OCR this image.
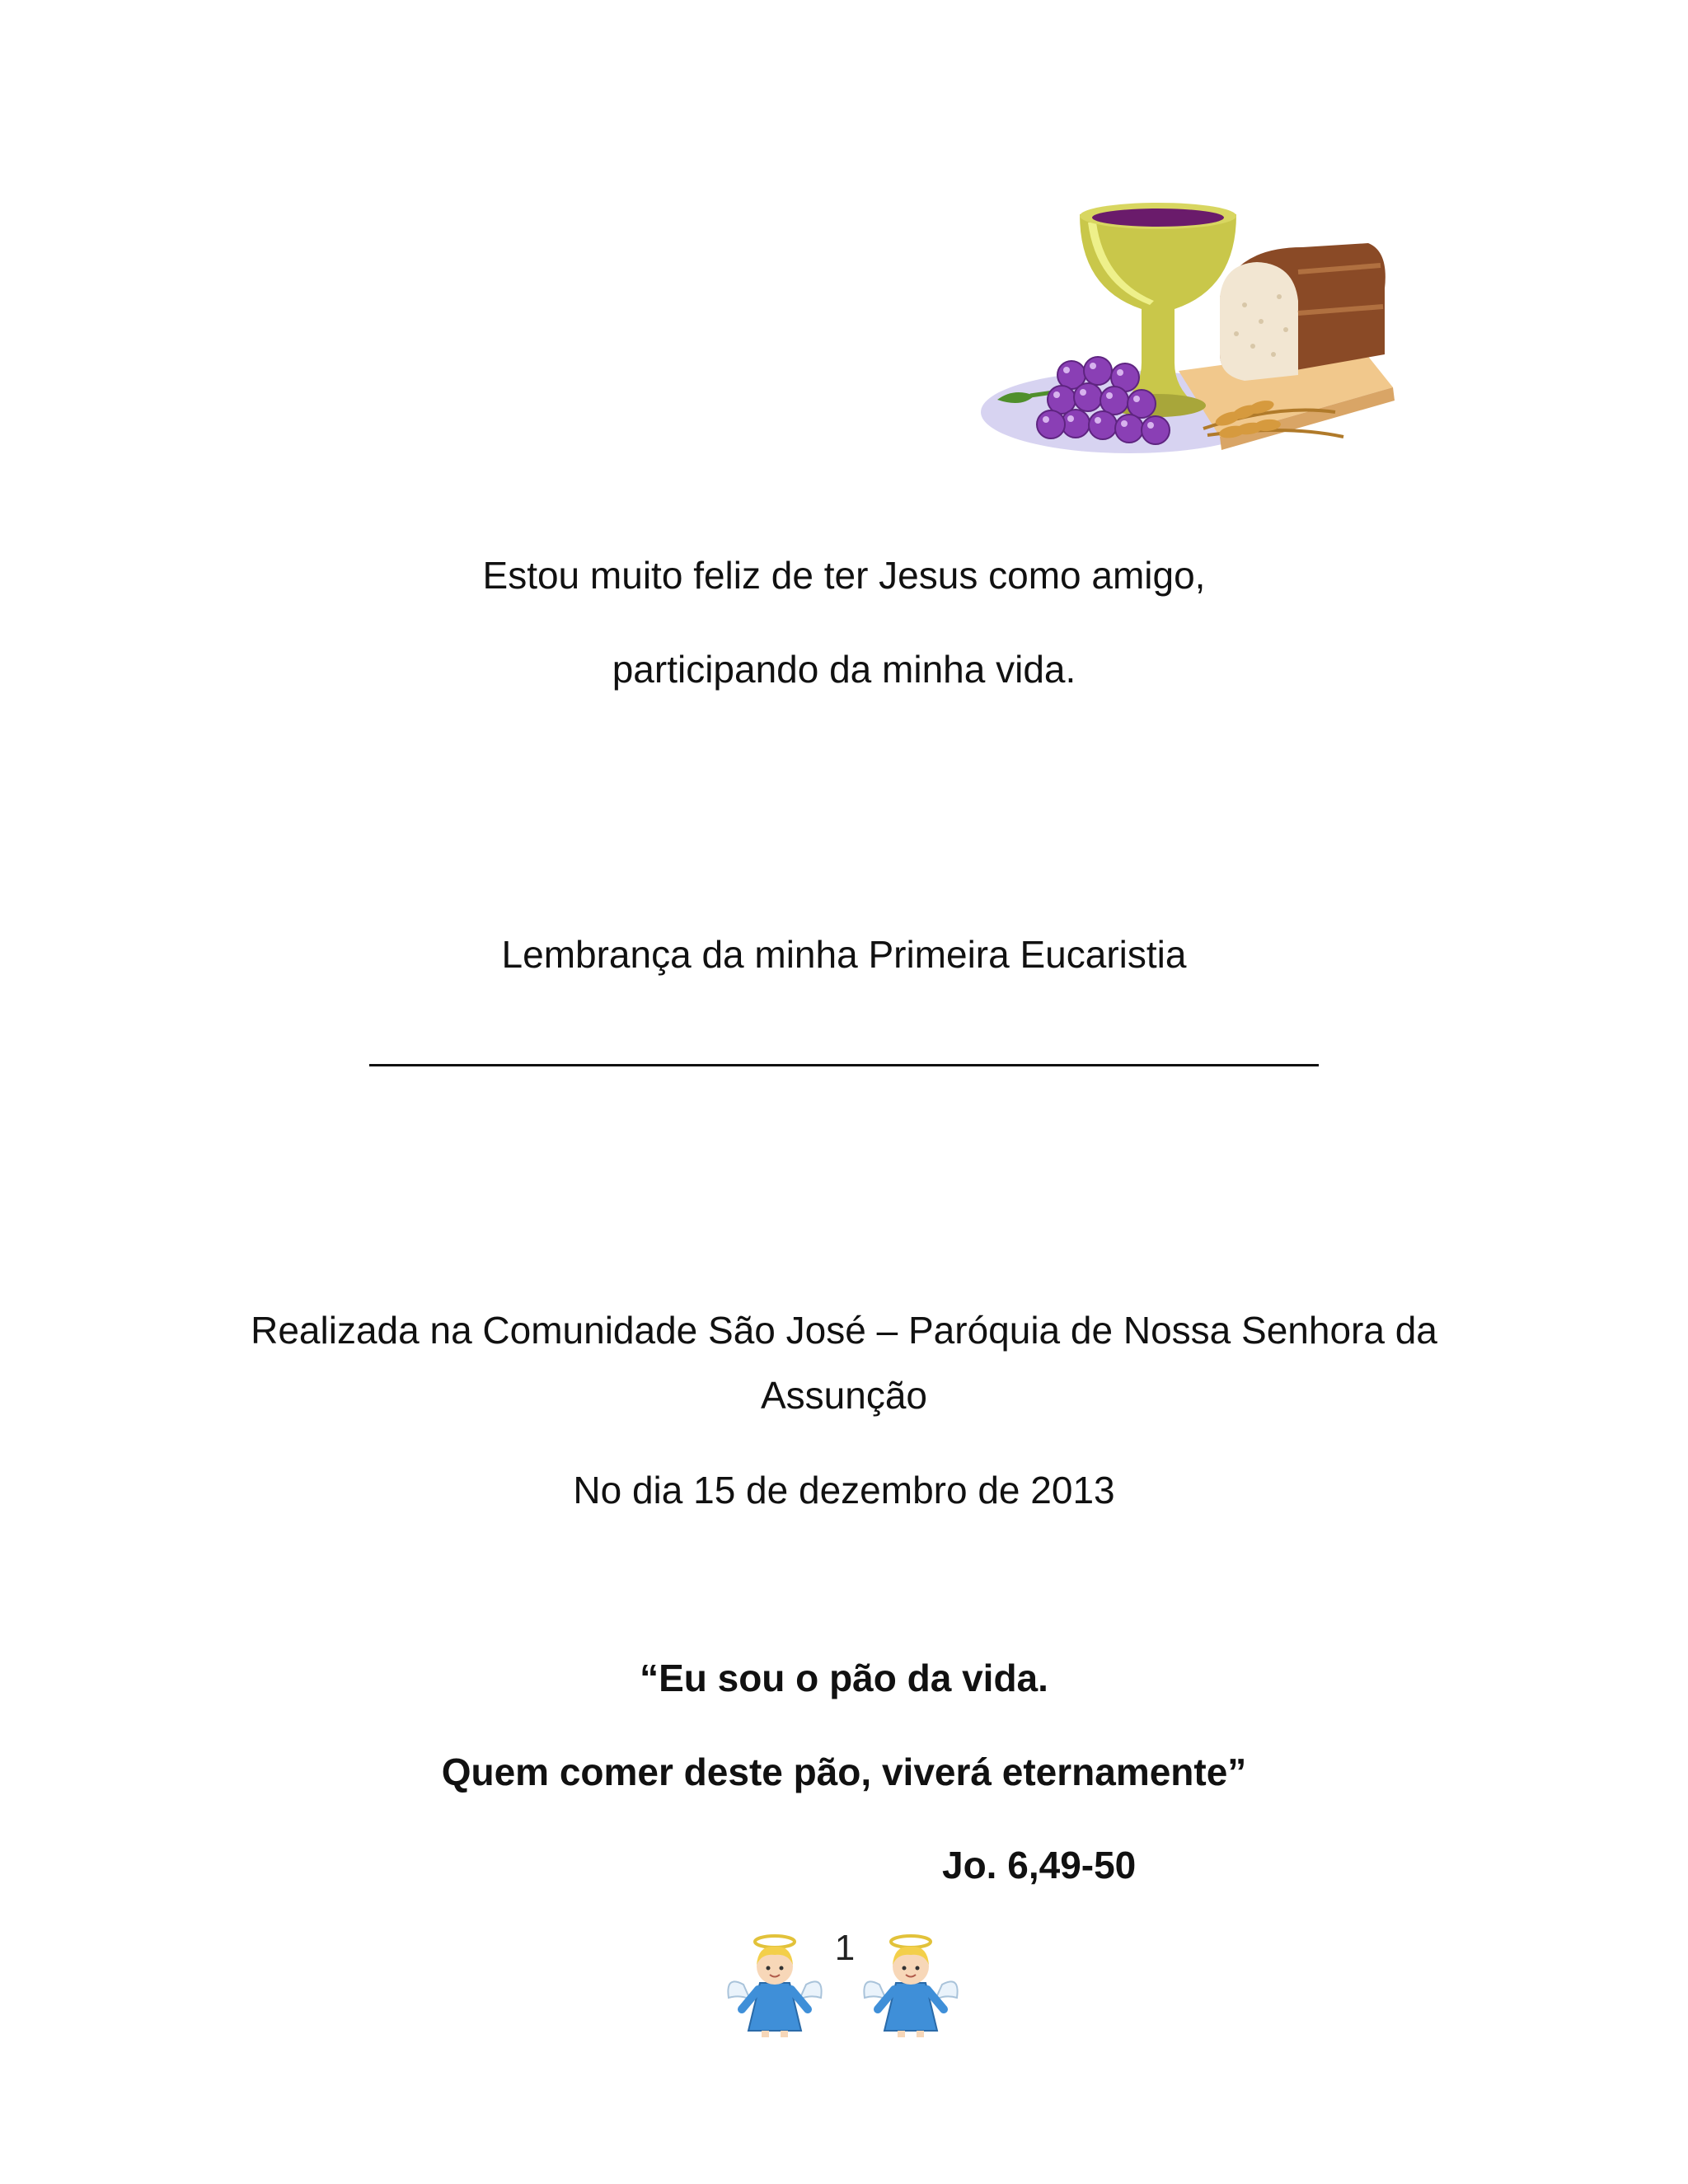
Estou muito feliz de ter Jesus como amigo,
participando da minha vida.
Lembrança da minha Primeira Eucaristia
Realizada na Comunidade São José – Paróquia de Nossa Senhora da
Assunção
No dia 15 de dezembro de 2013
“Eu sou o pão da vida.
Quem comer deste pão, viverá eternamente”
Jo. 6,49-50
1
